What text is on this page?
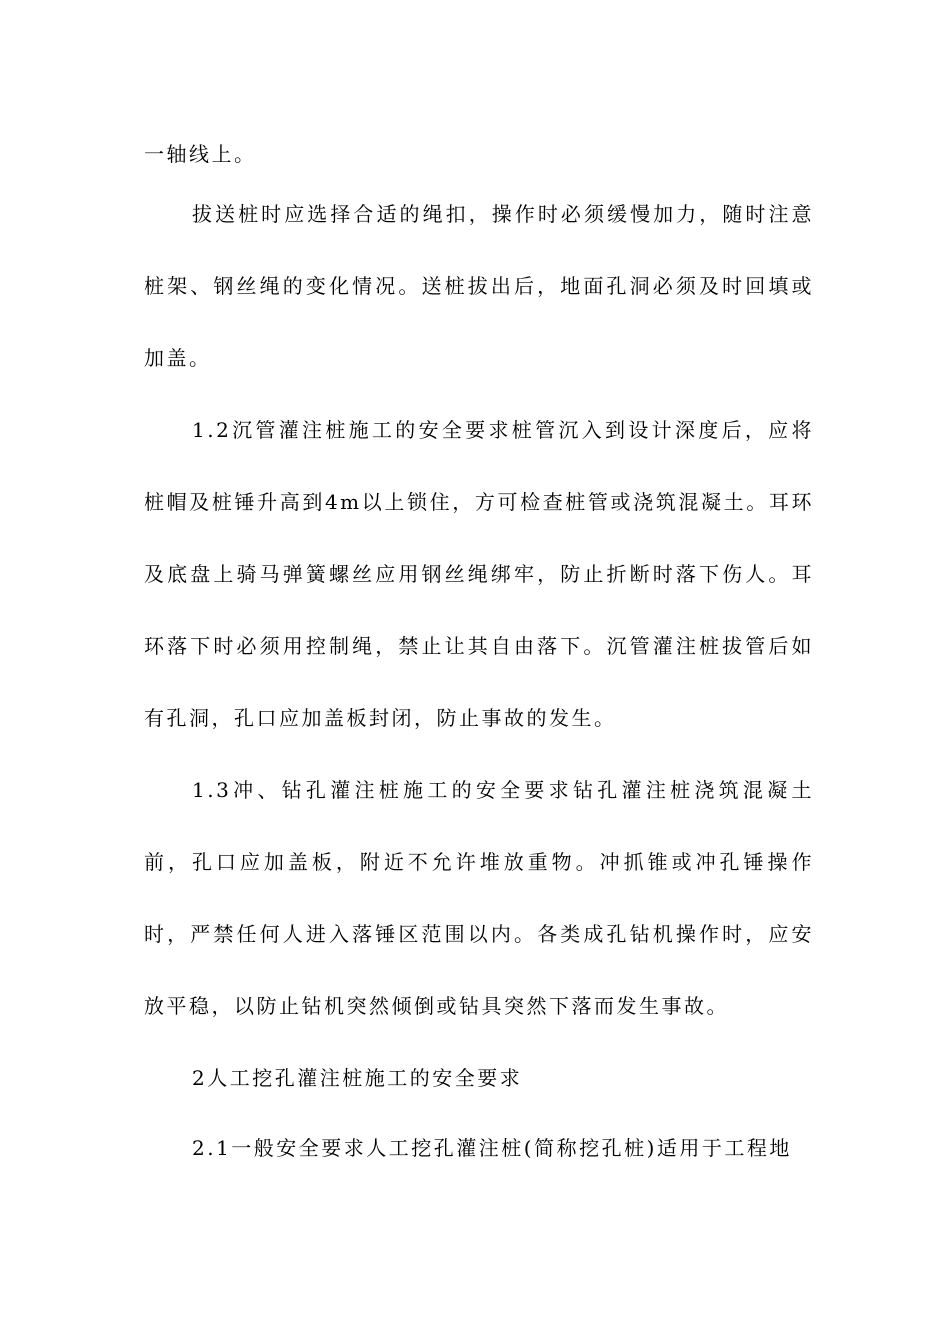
一轴线上。

拔送桩时应选择合适的绳扣，操作时必须缓慢加力，随时注意桩架、钢丝绳的变化情况。送桩拔出后，地面孔洞必须及时回填或加盖。

1.2沉管灌注桩施工的安全要求桩管沉入到设计深度后，应将桩帽及桩锤升高到4m以上锁住，方可检查桩管或浇筑混凝土。耳环及底盘上骑马弹簧螺丝应用钢丝绳绑牢，防止折断时落下伤人。耳环落下时必须用控制绳，禁止让其自由落下。沉管灌注桩拔管后如有孔洞，孔口应加盖板封闭，防止事故的发生。

1.3冲、钻孔灌注桩施工的安全要求钻孔灌注桩浇筑混凝土前，孔口应加盖板，附近不允许堆放重物。冲抓锥或冲孔锤操作时，严禁任何人进入落锤区范围以内。各类成孔钻机操作时，应安放平稳，以防止钻机突然倾倒或钻具突然下落而发生事故。

2人工挖孔灌注桩施工的安全要求

2.1一般安全要求人工挖孔灌注桩(简称挖孔桩)适用于工程地
